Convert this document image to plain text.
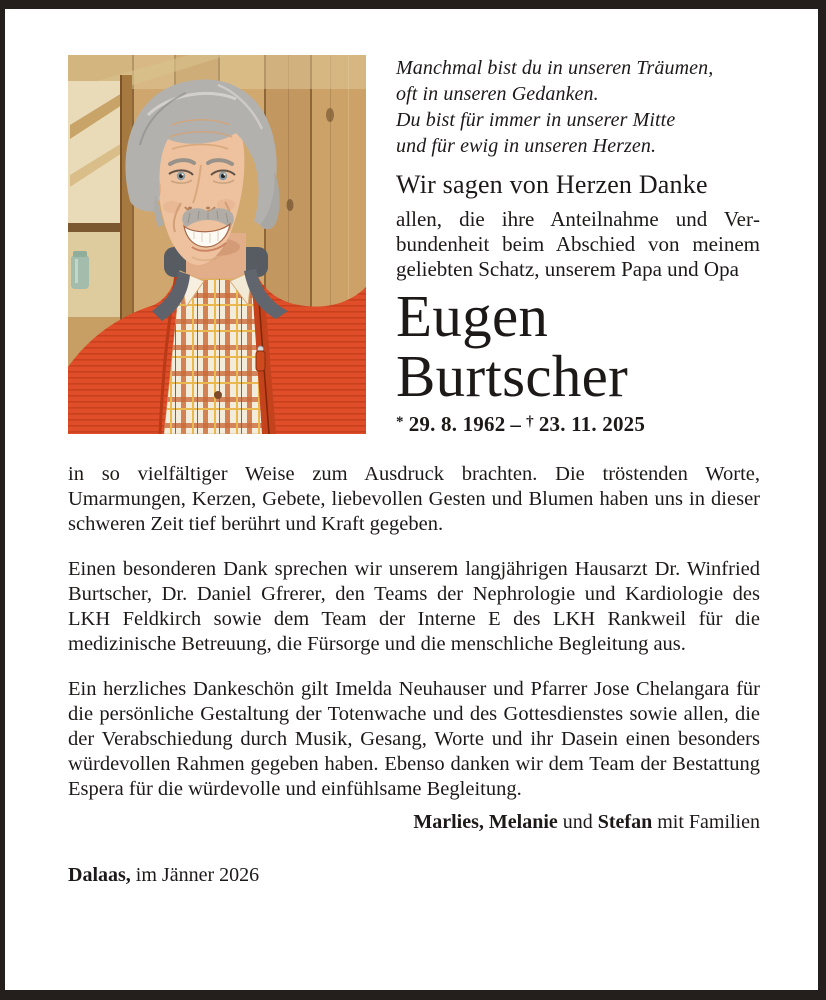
Manchmal bist du in unseren Träumen,
oft in unseren Gedanken.
Du bist für immer in unserer Mitte
und für ewig in unseren Herzen.
Wir sagen von Herzen Danke

allen, die ihre Anteilnahme und Verbundenheit beim Abschied von meinem geliebten Schatz, unserem Papa und Opa

Eugen
Burtscher
* 29. 8. 1962 – † 23. 11. 2025

in so vielfältiger Weise zum Ausdruck brachten. Die tröstenden Worte, Umarmungen, Kerzen, Gebete, liebevollen Gesten und Blumen haben uns in dieser schweren Zeit tief berührt und Kraft gegeben.

Einen besonderen Dank sprechen wir unserem langjährigen Hausarzt Dr. Winfried Burtscher, Dr. Daniel Gfrerer, den Teams der Nephrologie und Kardiologie des LKH Feldkirch sowie dem Team der Interne E des LKH Rankweil für die medizinische Betreuung, die Fürsorge und die menschliche Begleitung aus.

Ein herzliches Dankeschön gilt Imelda Neuhauser und Pfarrer Jose Chelangara für die persönliche Gestaltung der Totenwache und des Gottesdienstes sowie allen, die der Verabschiedung durch Musik, Gesang, Worte und ihr Dasein einen besonders würdevollen Rahmen gegeben haben. Ebenso danken wir dem Team der Bestattung Espera für die würdevolle und einfühlsame Begleitung.

Marlies, Melanie und Stefan mit Familien
Dalaas, im Jänner 2026
